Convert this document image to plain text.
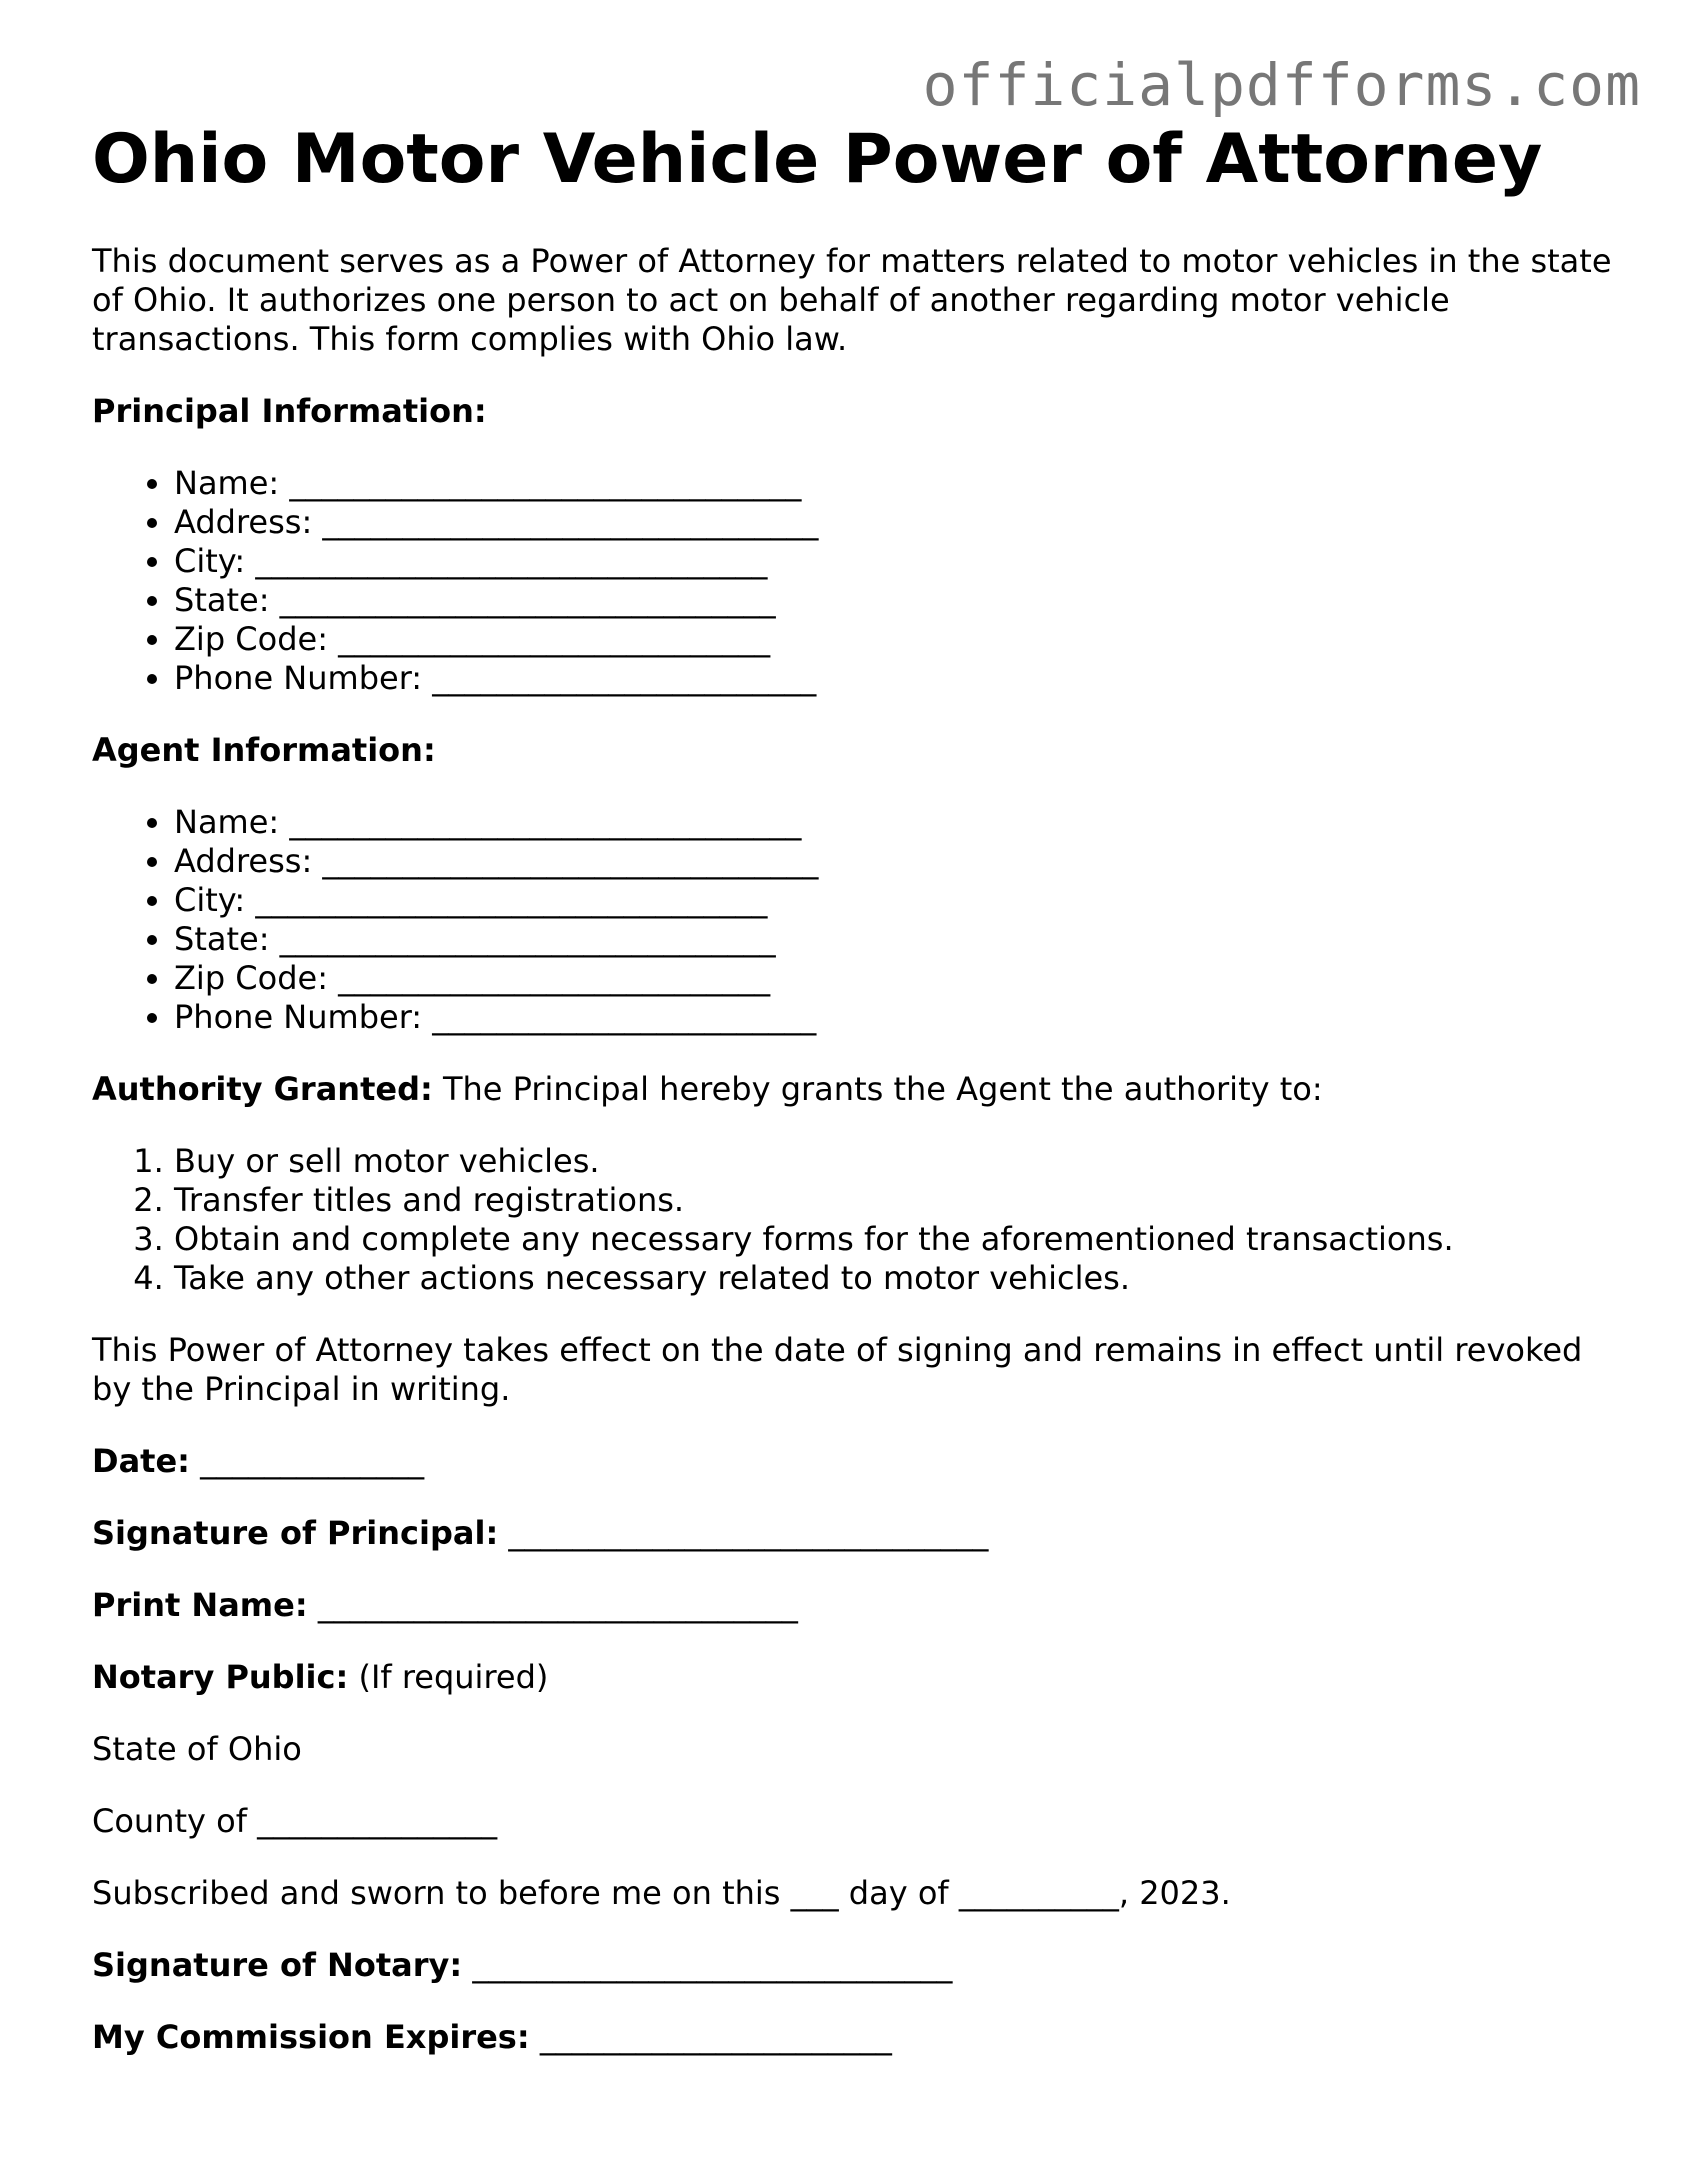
officialpdfforms.com
Ohio Motor Vehicle Power of Attorney

This document serves as a Power of Attorney for matters related to motor vehicles in the state of Ohio. It authorizes one person to act on behalf of another regarding motor vehicle transactions. This form complies with Ohio law.

Principal Information:

• Name: ________________________________
• Address: _______________________________
• City: ________________________________
• State: _______________________________
• Zip Code: ___________________________
• Phone Number: ________________________

Agent Information:

• Name: ________________________________
• Address: _______________________________
• City: ________________________________
• State: _______________________________
• Zip Code: ___________________________
• Phone Number: ________________________

Authority Granted: The Principal hereby grants the Agent the authority to:

1. Buy or sell motor vehicles.
2. Transfer titles and registrations.
3. Obtain and complete any necessary forms for the aforementioned transactions.
4. Take any other actions necessary related to motor vehicles.

This Power of Attorney takes effect on the date of signing and remains in effect until revoked by the Principal in writing.

Date: ______________

Signature of Principal: ______________________________

Print Name: ______________________________

Notary Public: (If required)

State of Ohio

County of _______________

Subscribed and sworn to before me on this ___ day of __________, 2023.

Signature of Notary: ______________________________

My Commission Expires: ______________________
